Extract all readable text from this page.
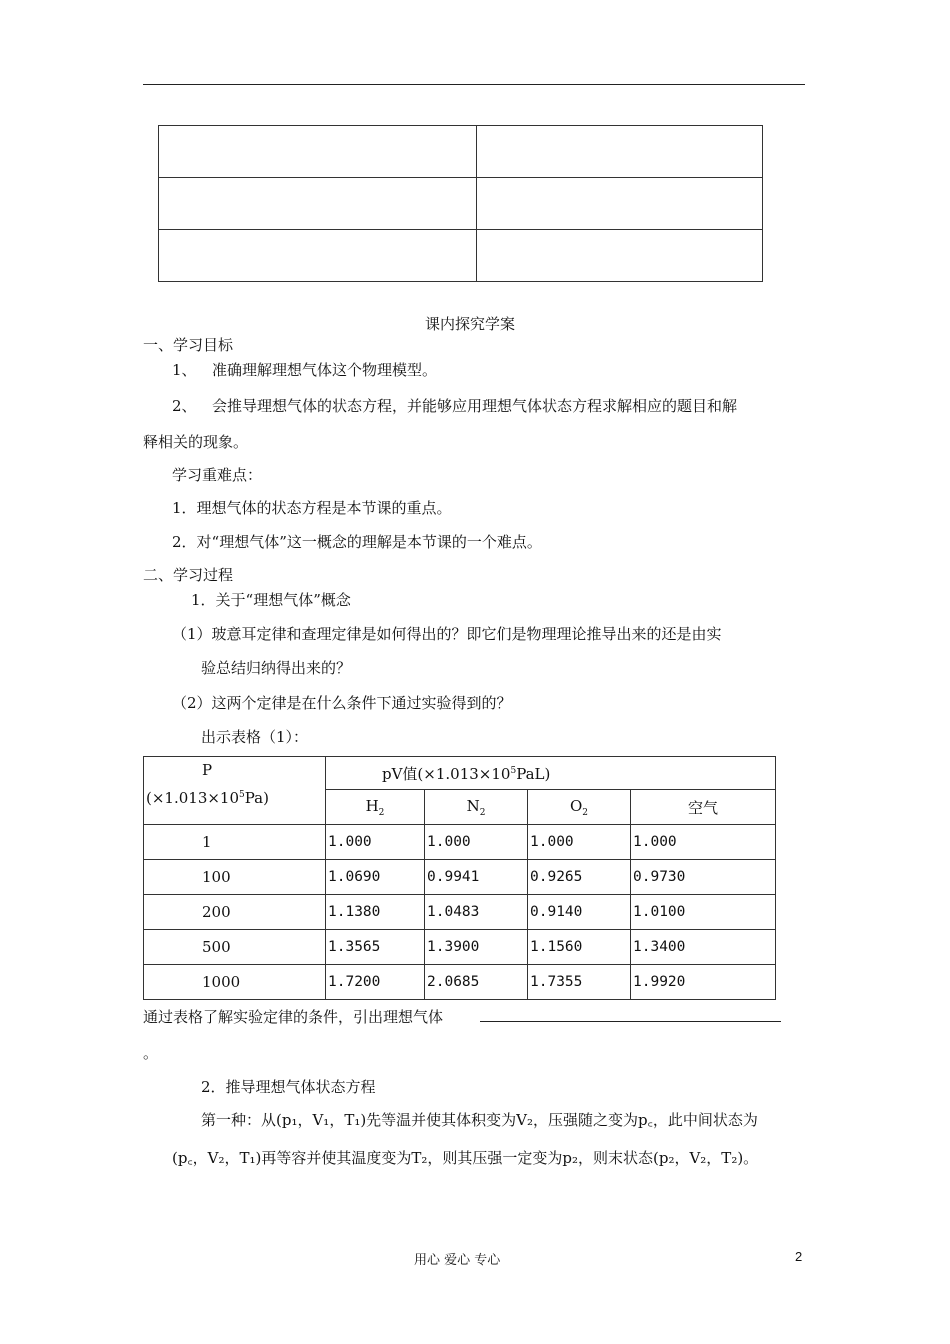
课内探究学案
一、学习目标
1、 准确理解理想气体这个物理模型。
2、 会推导理想气体的状态方程，并能够应用理想气体状态方程求解相应的题目和解
释相关的现象。
学习重难点：
1．理想气体的状态方程是本节课的重点。
2．对“理想气体”这一概念的理解是本节课的一个难点。
二、学习过程
1．关于“理想气体”概念
（1）玻意耳定律和查理定律是如何得出的？即它们是物理理论推导出来的还是由实
验总结归纳得出来的？
（2）这两个定律是在什么条件下通过实验得到的？
出示表格（1）：
P
$(\times 1.013\times 10^5Pa)$	pV值$(\times 1.013\times 10^5PaL)$			
	$H_2$	$N_2$	$O_2$	空气
1	1.000	1.000	1.000	1.000
100	1.0690	0.9941	0.9265	0.9730
200	1.1380	1.0483	0.9140	1.0100
500	1.3565	1.3900	1.1560	1.3400
1000	1.7200	2.0685	1.7355	1.9920
通过表格了解实验定律的条件，引出理想气体
。
2．推导理想气体状态方程
第一种：从(p₁，V₁，T₁)先等温并使其体积变为V₂，压强随之变为p꜀，此中间状态为
(p꜀，V₂，T₁)再等容并使其温度变为T₂，则其压强一定变为p₂，则末状态(p₂，V₂，T₂)。
用心 爱心 专心	2
